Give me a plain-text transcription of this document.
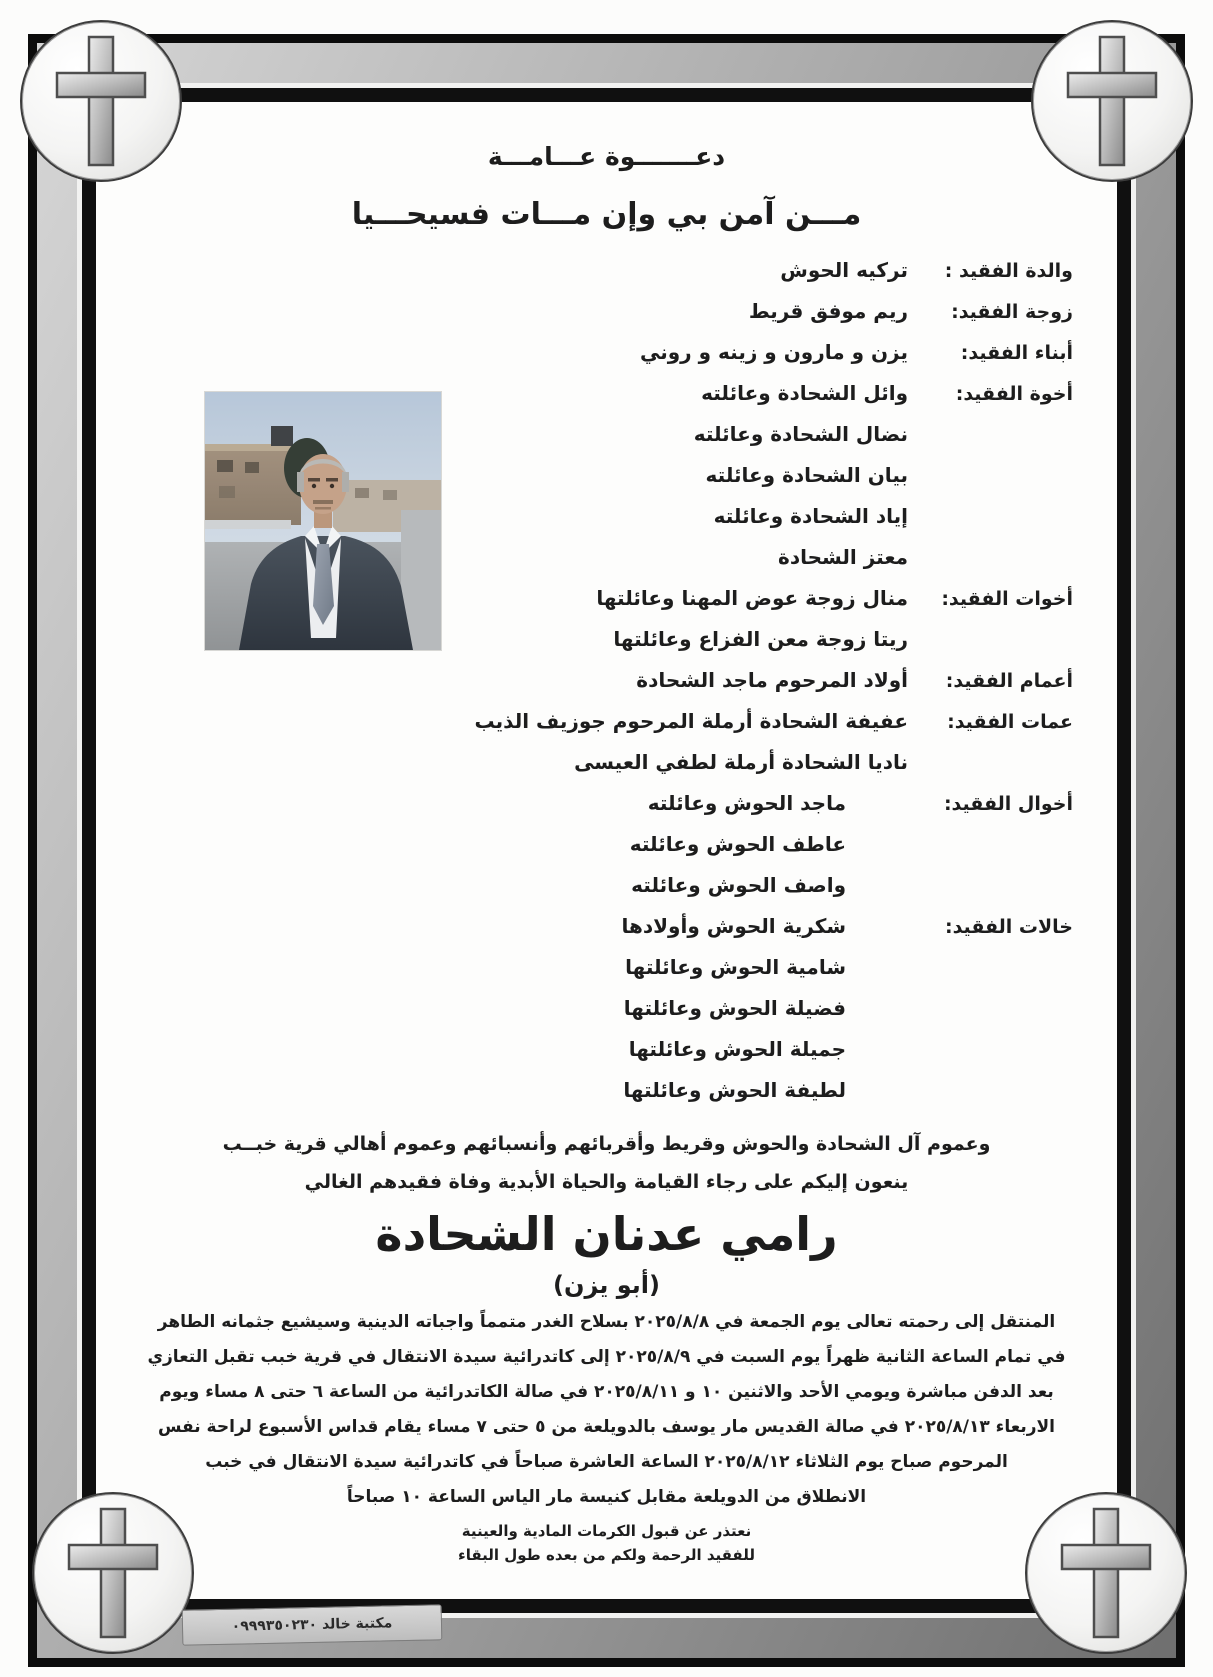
دعـــــــوة عـــامـــة
مـــن آمن بي وإن مـــات فسيحـــيا
والدة الفقيد :
تركيه الحوش
زوجة الفقيد:
ريم موفق قريط
أبناء الفقيد:
يزن و مارون و زينه و روني
أخوة الفقيد:
وائل الشحادة وعائلته
نضال الشحادة وعائلته
بيان الشحادة وعائلته
إياد الشحادة وعائلته
معتز الشحادة
أخوات الفقيد:
منال زوجة عوض المهنا وعائلتها
ريتا زوجة معن الفزاع وعائلتها
أعمام الفقيد:
أولاد المرحوم ماجد الشحادة
عمات الفقيد:
عفيفة الشحادة أرملة المرحوم جوزيف الذيب
ناديا الشحادة أرملة لطفي العيسى
أخوال الفقيد:
ماجد الحوش وعائلته
عاطف الحوش وعائلته
واصف الحوش وعائلته
خالات الفقيد:
شكرية الحوش وأولادها
شامية الحوش وعائلتها
فضيلة الحوش وعائلتها
جميلة الحوش وعائلتها
لطيفة الحوش وعائلتها

وعموم آل الشحادة والحوش وقريط وأقربائهم وأنسبائهم وعموم أهالي قرية خبــب

ينعون إليكم على رجاء القيامة والحياة الأبدية وفاة فقيدهم الغالي

رامي عدنان الشحادة
(أبو يزن)

المنتقل إلى رحمته تعالى يوم الجمعة في ٢٠٢٥/٨/٨ بسلاح الغدر متمماً واجباته الدينية وسيشيع جثمانه الطاهر

في تمام الساعة الثانية ظهراً يوم السبت في ٢٠٢٥/٨/٩ إلى كاتدرائية سيدة الانتقال في قرية خبب تقبل التعازي

بعد الدفن مباشرة ويومي الأحد والاثنين ١٠ و ٢٠٢٥/٨/١١ في صالة الكاتدرائية من الساعة ٦ حتى ٨ مساء ويوم

الاربعاء ٢٠٢٥/٨/١٣ في صالة القديس مار يوسف بالدويلعة من ٥ حتى ٧ مساء يقام قداس الأسبوع لراحة نفس

المرحوم صباح يوم الثلاثاء ٢٠٢٥/٨/١٢ الساعة العاشرة صباحاً في كاتدرائية سيدة الانتقال في خبب

الانطلاق من الدويلعة مقابل كنيسة مار الياس الساعة ١٠ صباحاً

نعتذر عن قبول الكرمات المادية والعينية

للفقيد الرحمة ولكم من بعده طول البقاء

مكتبة خالد ٠٩٩٩٣٥٠٢٣٠
